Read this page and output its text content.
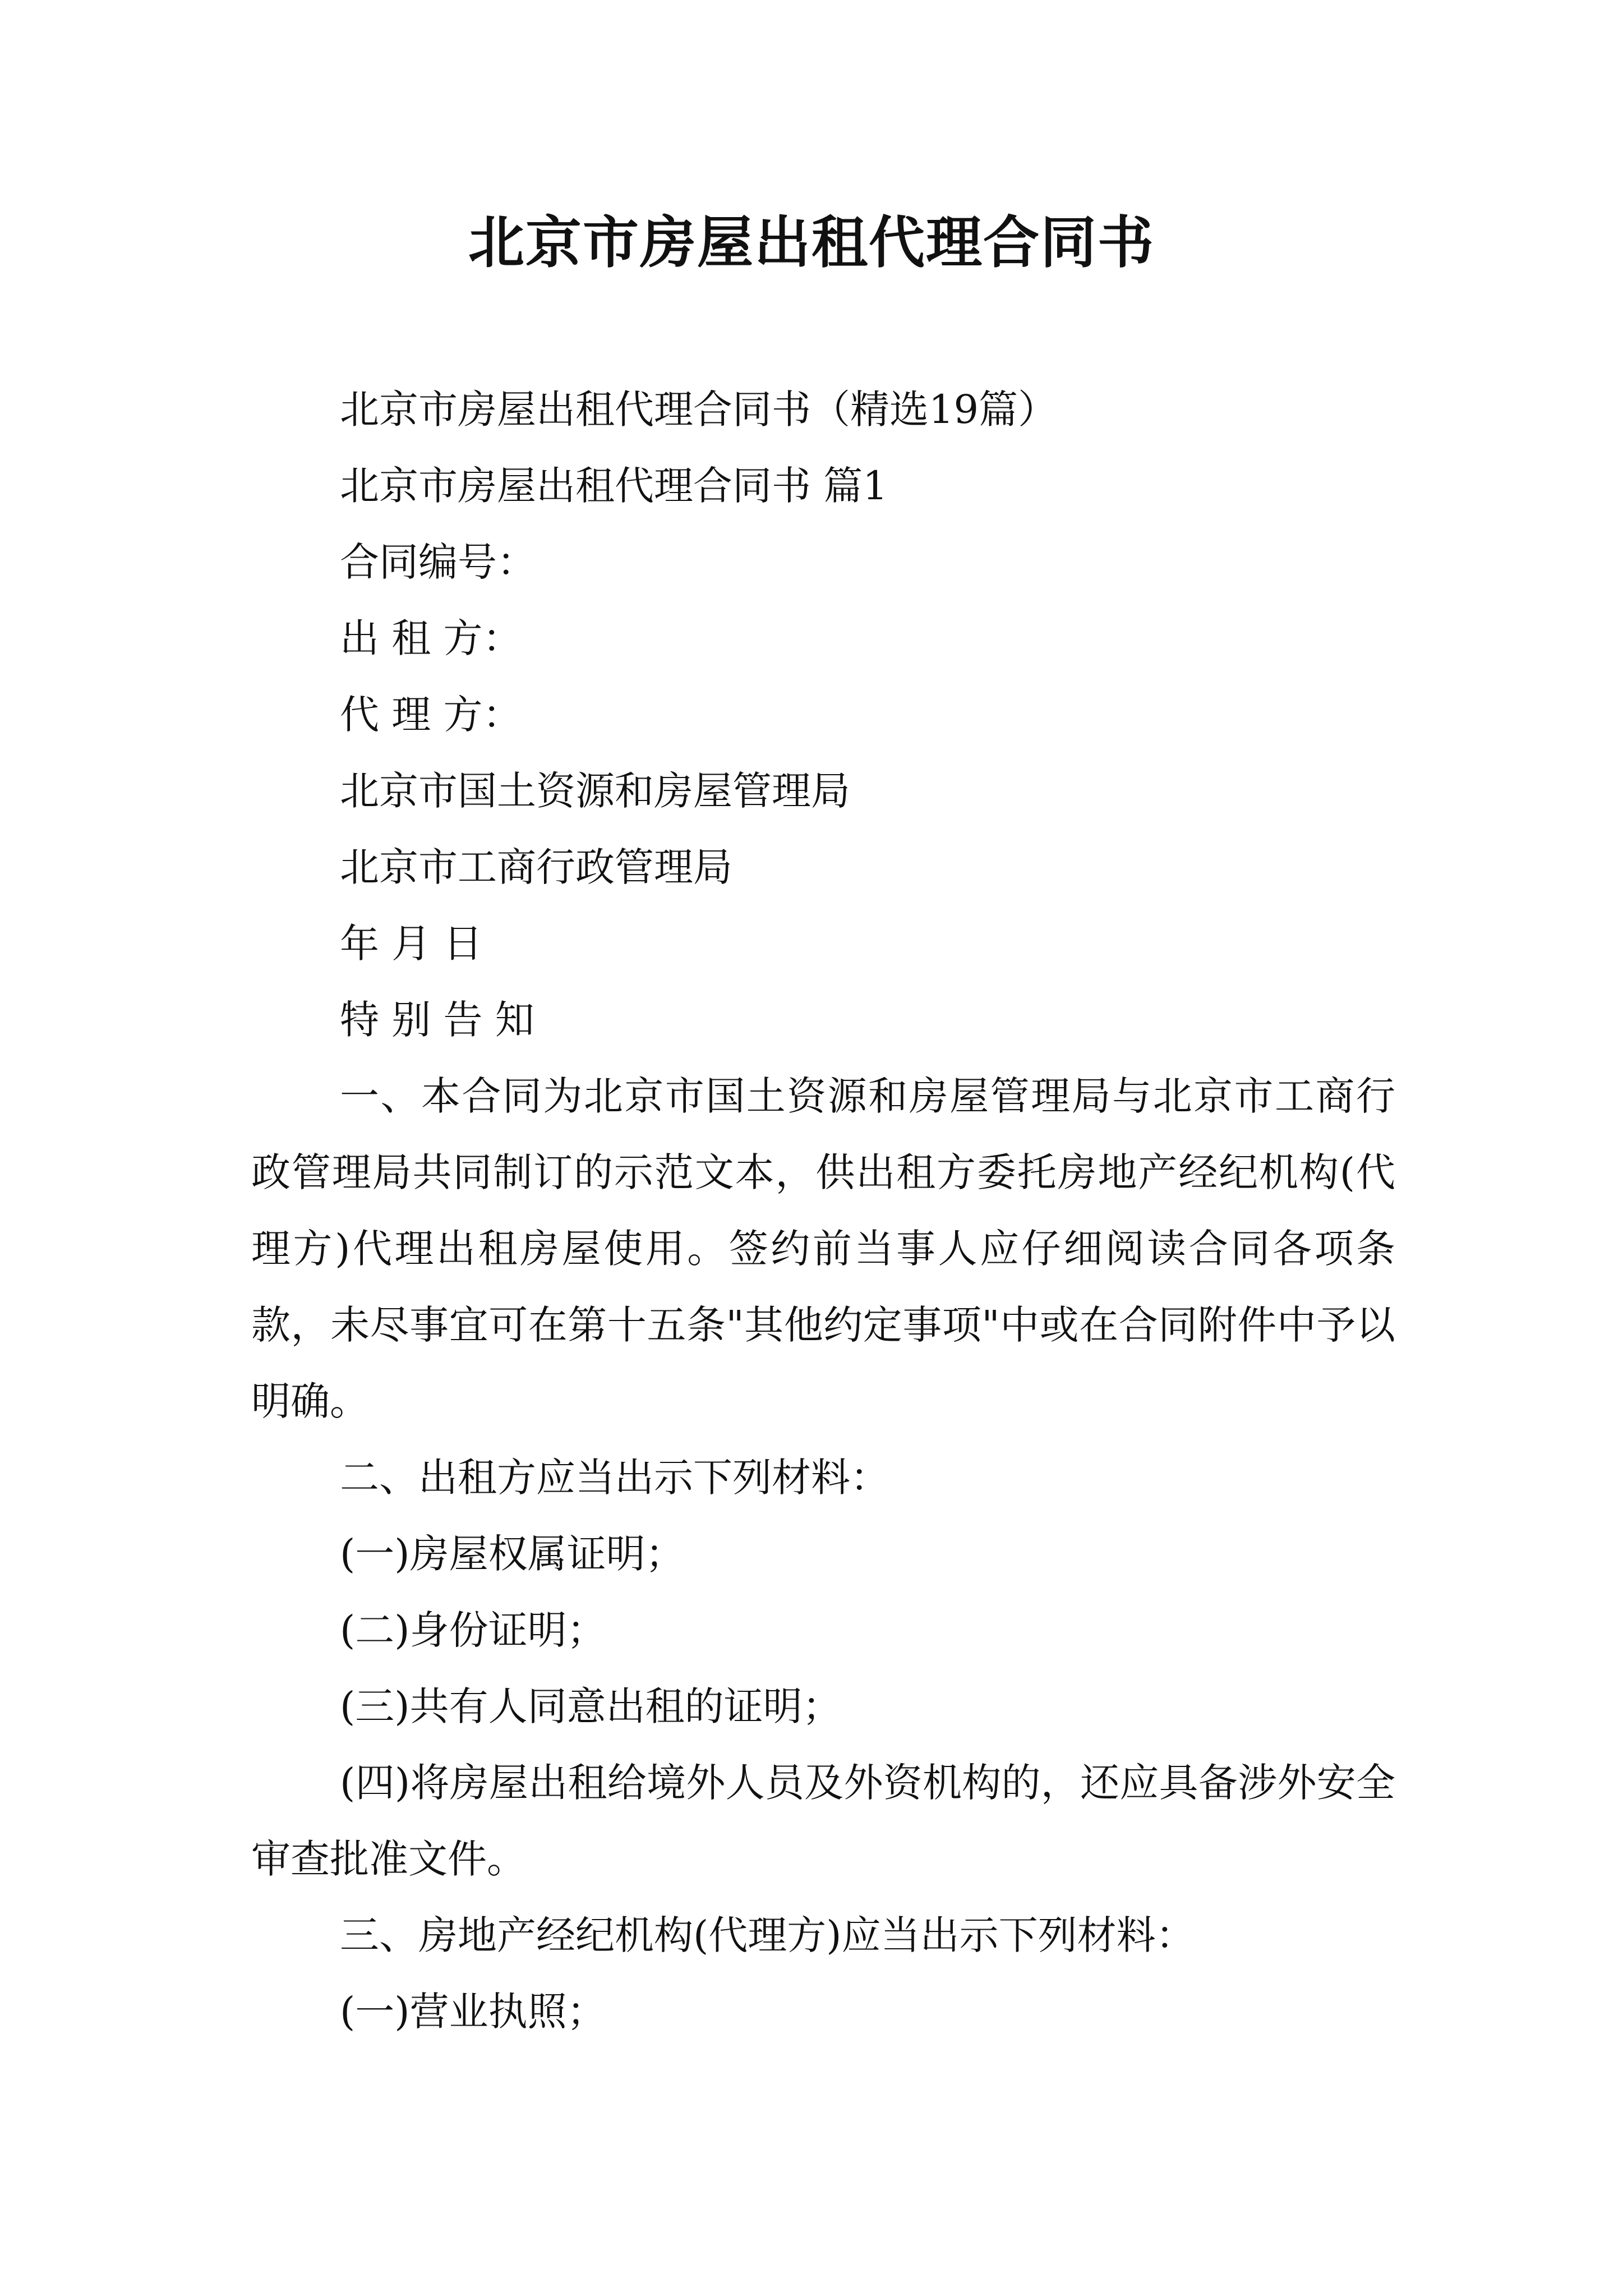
北京市房屋出租代理合同书

北京市房屋出租代理合同书（精选19篇）

北京市房屋出租代理合同书 篇1

合同编号：

出 租 方：

代 理 方：

北京市国土资源和房屋管理局

北京市工商行政管理局

年 月 日

特 别 告 知

一、本合同为北京市国土资源和房屋管理局与北京市工商行政管理局共同制订的示范文本，供出租方委托房地产经纪机构(代理方)代理出租房屋使用。签约前当事人应仔细阅读合同各项条款，未尽事宜可在第十五条"其他约定事项"中或在合同附件中予以明确。

二、出租方应当出示下列材料：

(一)房屋权属证明；

(二)身份证明；

(三)共有人同意出租的证明；

(四)将房屋出租给境外人员及外资机构的，还应具备涉外安全审查批准文件。

三、房地产经纪机构(代理方)应当出示下列材料：

(一)营业执照；
